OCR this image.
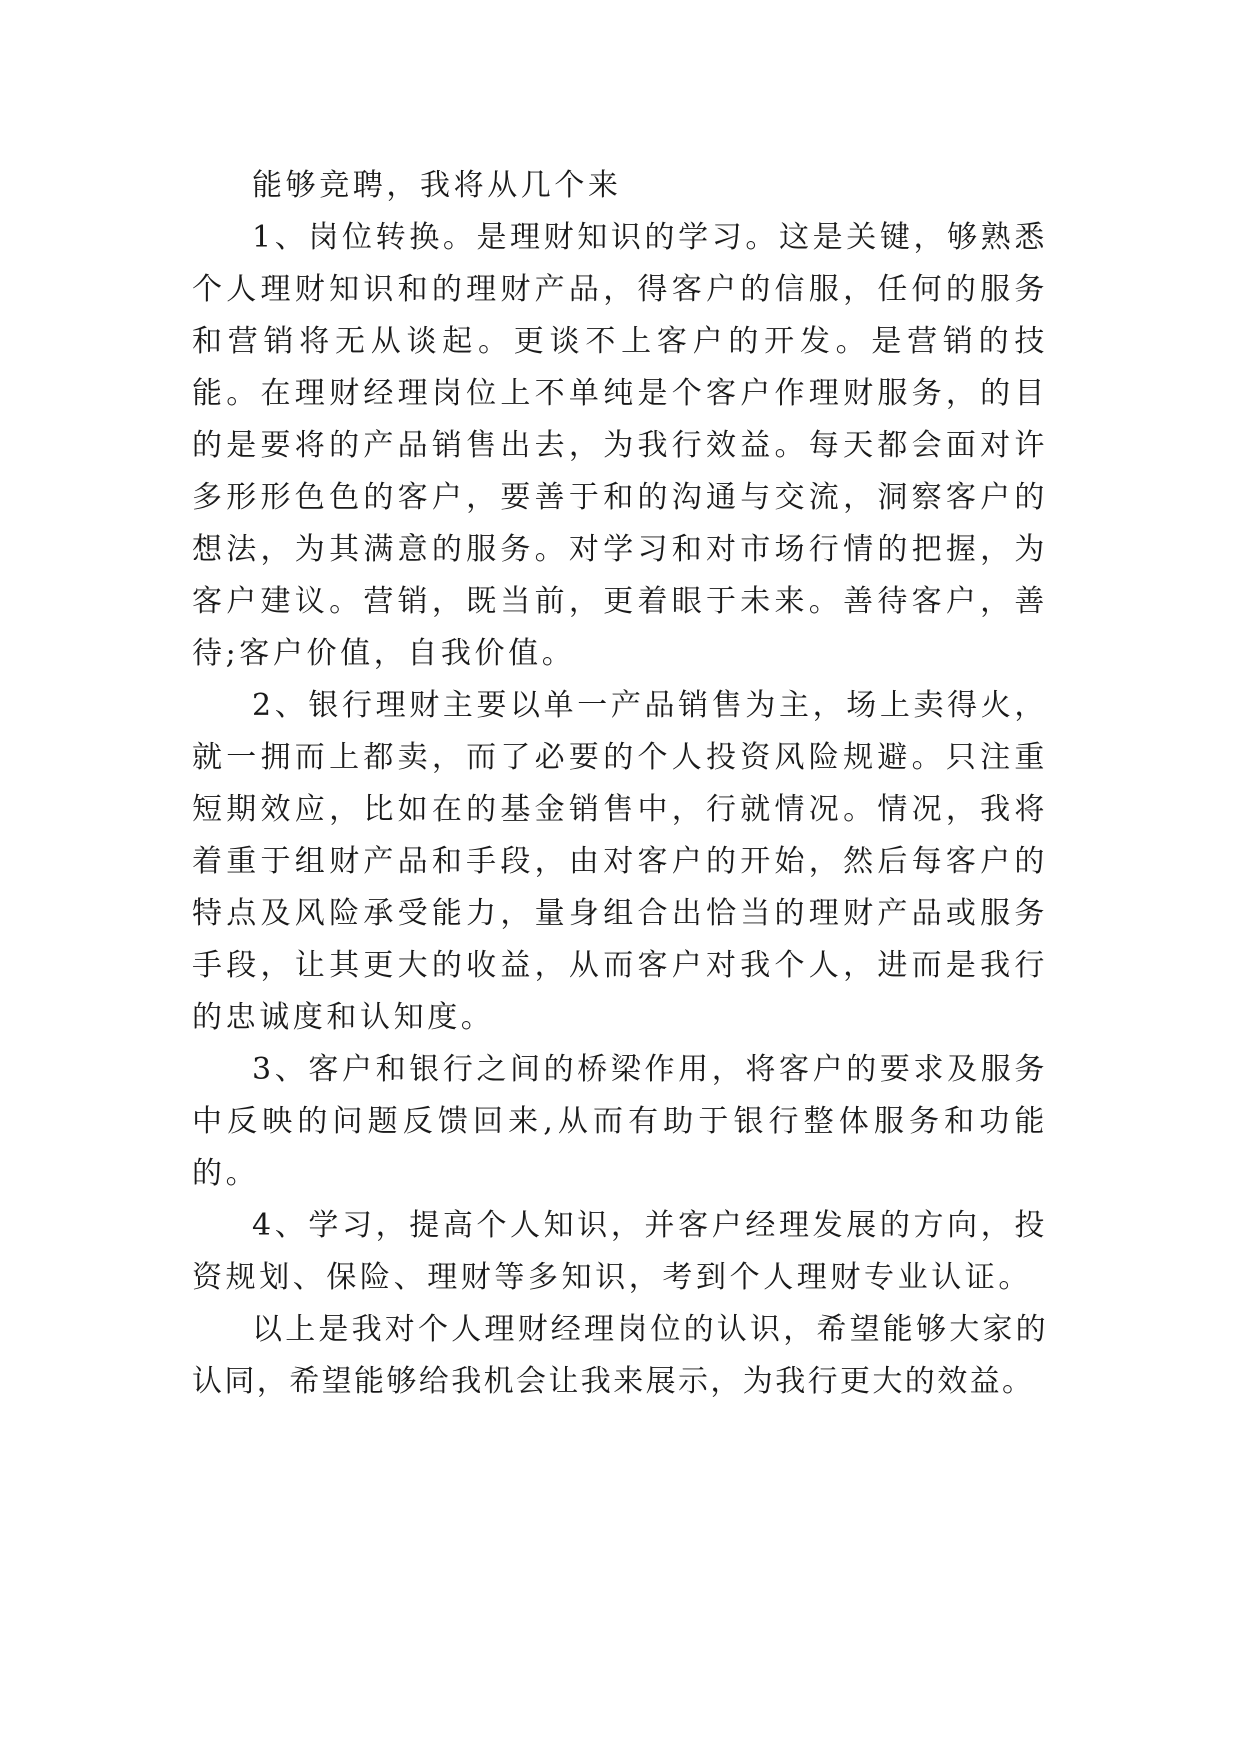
能够竞聘，我将从几个来

1、岗位转换。是理财知识的学习。这是关键，够熟悉个人理财知识和的理财产品，得客户的信服，任何的服务和营销将无从谈起。更谈不上客户的开发。是营销的技能。在理财经理岗位上不单纯是个客户作理财服务，的目的是要将的产品销售出去，为我行效益。每天都会面对许多形形色色的客户，要善于和的沟通与交流，洞察客户的想法，为其满意的服务。对学习和对市场行情的把握，为客户建议。营销，既当前，更着眼于未来。善待客户，善待;客户价值，自我价值。

2、银行理财主要以单一产品销售为主，场上卖得火，就一拥而上都卖，而了必要的个人投资风险规避。只注重短期效应，比如在的基金销售中，行就情况。情况，我将着重于组财产品和手段，由对客户的开始，然后每客户的特点及风险承受能力，量身组合出恰当的理财产品或服务手段，让其更大的收益，从而客户对我个人，进而是我行的忠诚度和认知度。

3、客户和银行之间的桥梁作用，将客户的要求及服务中反映的问题反馈回来,从而有助于银行整体服务和功能的。

4、学习，提高个人知识，并客户经理发展的方向，投资规划、保险、理财等多知识，考到个人理财专业认证。

以上是我对个人理财经理岗位的认识，希望能够大家的认同，希望能够给我机会让我来展示，为我行更大的效益。
